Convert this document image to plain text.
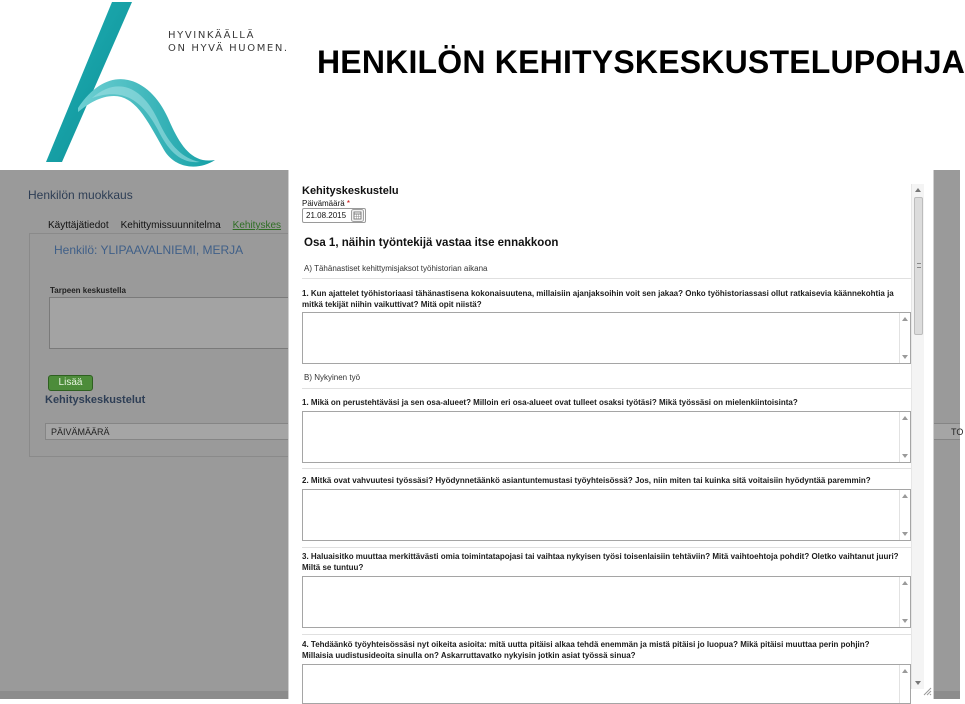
HYVINKÄÄLLÄ
ON HYVÄ HUOMEN. HENKILÖN KEHITYSKESKUSTELUPOHJA
Henkilön muokkaus
Käyttäjätiedot Kehittymissuunnitelma Kehityskes
Henkilö: YLIPAAVALNIEMI, MERJA
Tarpeen keskustella
Lisää
Kehityskeskustelut
PÄIVÄMÄÄRÄ	TO
Kehityskeskustelu
Päivämäärä *
21.08.2015
Osa 1, näihin työntekijä vastaa itse ennakkoon
A) Tähänastiset kehittymisjaksot työhistorian aikana
1. Kun ajattelet työhistoriaasi tähänastisena kokonaisuutena, millaisiin ajanjaksoihin voit sen jakaa? Onko työhistoriassasi ollut ratkaisevia käännekohtia ja mitkä tekijät niihin vaikuttivat? Mitä opit niistä?
B) Nykyinen työ
1. Mikä on perustehtäväsi ja sen osa-alueet? Milloin eri osa-alueet ovat tulleet osaksi työtäsi? Mikä työssäsi on mielenkiintoisinta?
2. Mitkä ovat vahvuutesi työssäsi? Hyödynnetäänkö asiantuntemustasi työyhteisössä? Jos, niin miten tai kuinka sitä voitaisiin hyödyntää paremmin?
3. Haluaisitko muuttaa merkittävästi omia toimintatapojasi tai vaihtaa nykyisen työsi toisenlaisiin tehtäviin? Mitä vaihtoehtoja pohdit? Oletko vaihtanut juuri? Miltä se tuntuu?
4. Tehdäänkö työyhteisössäsi nyt oikeita asioita: mitä uutta pitäisi alkaa tehdä enemmän ja mistä pitäisi jo luopua? Mikä pitäisi muuttaa perin pohjin? Millaisia uudistusideoita sinulla on? Askarruttavatko nykyisin jotkin asiat työssä sinua?
